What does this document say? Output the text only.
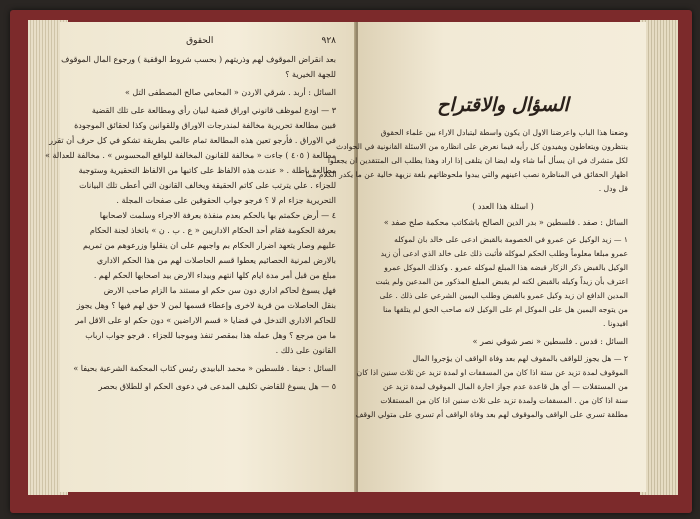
٩٢٨
الحقوق
بعد انقراض الموقوف لهم وذريتهم ( بحسب شروط الوقفية ) ورجوع المال الموقوف
للجهة الخيرية ؟
السائل : أربد . شرقي الاردن « المحامي صالح المصطفى التل »
٣ — اودع لموظف قانوني اوراق قضية لبيان رأي ومطالعة على تلك القضية
فبين مطالعة تحريرية مخالفة لمندرجات الاوراق وللقوانين وكذا لحقائق الموجودة
في الاوراق . فأرجو تعين هذه المطالعة تمام عالمي بطريقة تشكو في كل حرف أن تقرر
مطالعة ( ٤٠٥ ) جاءت « مخالفة للقانون المخالفة للواقع المحسوس » . مخالفة للعدالة »
مطالعة باطلة . « عندت هذه الالفاظ على كاتبها من الالفاظ التحقيرية وستوجبة
للجزاء . علي يترتب على كاتم الحقيقة ويخالف القانون التي أعطى تلك البيانات
التحريرية جزاء ام لا ؟ فرجو جواب الحقوقين على صفحات المجلة .
٤ — أرض حكمتم بها بالحكم بعدم منفذة بعرفة الاجراء وسلمت لاصحابها
بعرفة الحكومة فقام أحد الحكام الاداريين « ع . ب . ن » باتخاذ لجنة الحكام
عليهم وصار يتعهد اضرار الحكام بم واجبهم على ان ينقلوا وزرعوهم من تمريم
بالارض لمرنية الحصائيم يعطوا قسم الحاصلات لهم من هذا الحكم الاداري
مبلغ من قبل أمر مدة ايام كلها انتهم وبيداء الارض بيد اصحابها الحكم لهم .
فهل يسوغ لحاكم اداري دون سن حكم او مستند ما الزام صاحب الارض
بنقل الحاصلات من قرية لاخرى وإعطاء قسمها لمن لا حق لهم فيها ؟ وهل يجوز
للحاكم الاداري التدخل في قضايا « قسم الاراضين » دون حكم او على الاقل امر
ما من مرجع ؟ وهل عمله هذا بمقصر تنفذ وموجبا للجزاء . فرجو جواب ارباب
القانون على ذلك .
السائل : حيفا . فلسطين « محمد البابيدي رئيس كتاب المحكمة الشرعية بحيفا »
٥ — هل يسوغ للقاضي تكليف المدعى في دعوى الحكم او للطلاق بحصر
السؤال والاقتراح
وضعنا هذا الباب واعرضنا الاول ان يكون واسطة ليتبادل الاراء بين علماء الحقوق
ينتظرون ويتعاطون ويفيدون كل رأيه فيما نعرض على انظاره من الاسئلة القانونية في الحوادث
لكل متشرك في ان يسأل أما شاء وله ايضا ان يتلقى إذا اراد وهذا يطلب الى المتتقدين ان يجعلوا
اظهار الحقائق في المناظرة نصب اعينهم والتي يبدوا ملحوظاتهم بلغة نزيهة خالية عن ما يكدر الكلام مما
قل ودل .
( اسئلة هذا العدد )
السائل : صفد . فلسطين « بدر الدين الصالح باشكاتب محكمة صلح صفد »
١ — زيد الوكيل عن عمرو في الخصومة بالقبض ادعى على خالد بان لموكله
عمرو مبلغا معلوماً وطلب الحكم لموكله فأثبت ذلك على خالد الذي ادعى أن زيد
الوكيل بالقبض ذكر الزكار قبضه هذا المبلغ لموكله عمرو . وكذلك الموكل عمرو
اعترف بأن زيداً وكيله بالقبض لكنه لم يقبض المبلغ المذكور من المدعين ولم يثبت
المدين الدافع ان زيد وكيل عمرو بالقبض وطلب اليمين الشرعي على ذلك . على
من يتوجه اليمين هل على الموكل ام على الوكيل لانه صاحب الحق لم يتلقها منا
افيدونا .
السائل : قدس . فلسطين « نصر شوقي نصر »
٢ — هل يجوز للواقف بالمقوف لهم بعد وفاة الواقف ان يؤجروا المال
الموقوف لمدة تزيد عن ستة اذا كان من المسقفات او لمدة تزيد عن ثلاث سنين اذا كان
من المستقلات — أي هل قاعدة عدم جواز اجارة المال الموقوف لمدة تزيد عن
سنة اذا كان من . المسقفات ولمدة تزيد على ثلاث سنين اذا كان من المستقلات
مطلقة تسري على الواقف والموقوف لهم بعد وفاة الواقف أم تسري على متولي الوقف
